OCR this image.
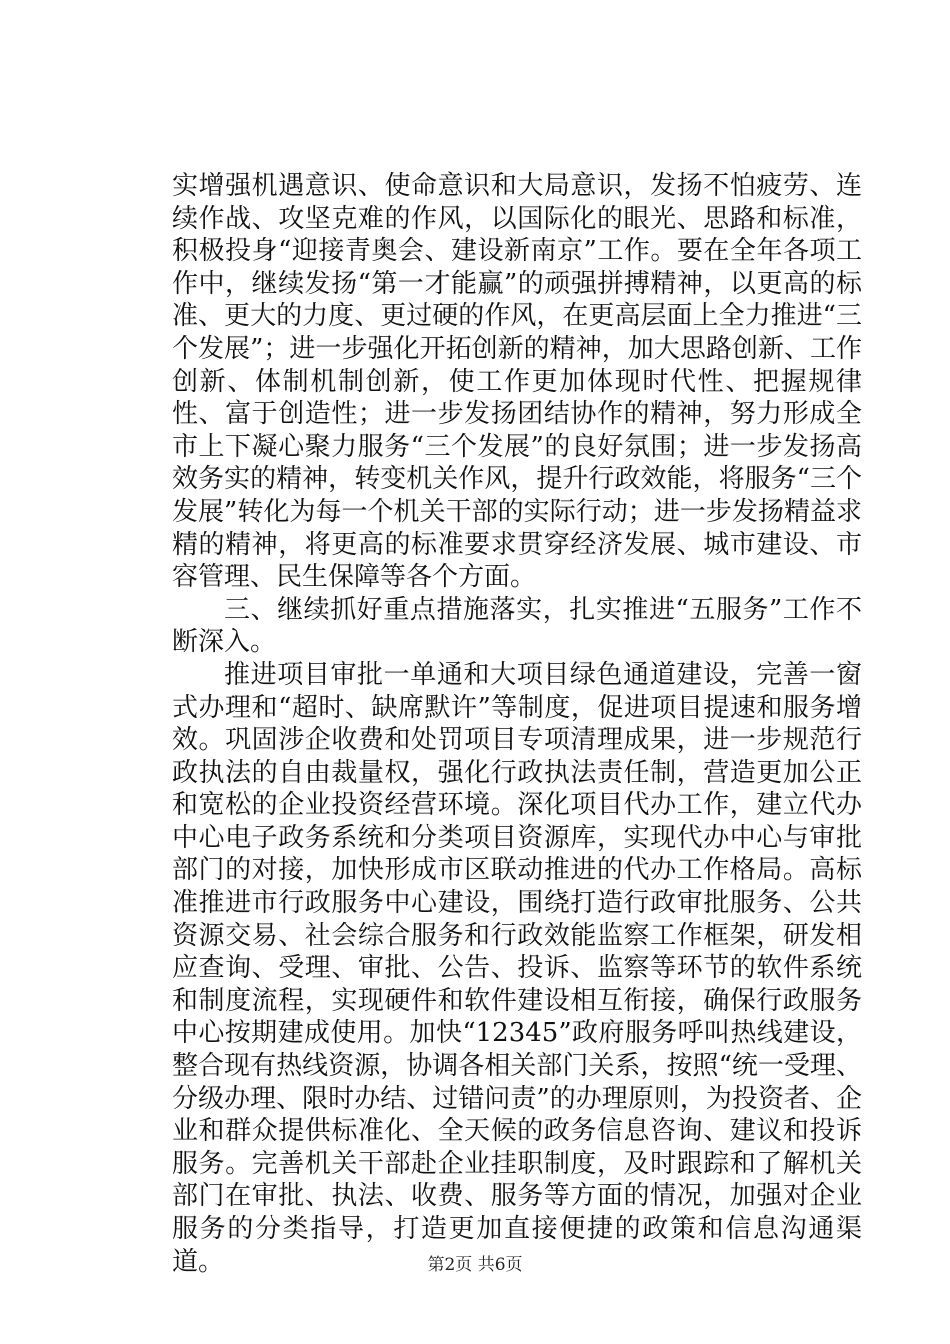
实增强机遇意识、使命意识和大局意识，发扬不怕疲劳、连续作战、攻坚克难的作风，以国际化的眼光、思路和标准，积极投身“迎接青奥会、建设新南京”工作。要在全年各项工作中，继续发扬“第一才能赢”的顽强拼搏精神，以更高的标准、更大的力度、更过硬的作风，在更高层面上全力推进“三个发展”；进一步强化开拓创新的精神，加大思路创新、工作创新、体制机制创新，使工作更加体现时代性、把握规律性、富于创造性；进一步发扬团结协作的精神，努力形成全市上下凝心聚力服务“三个发展”的良好氛围；进一步发扬高效务实的精神，转变机关作风，提升行政效能，将服务“三个发展”转化为每一个机关干部的实际行动；进一步发扬精益求精的精神，将更高的标准要求贯穿经济发展、城市建设、市容管理、民生保障等各个方面。

三、继续抓好重点措施落实，扎实推进“五服务”工作不断深入。

推进项目审批一单通和大项目绿色通道建设，完善一窗式办理和“超时、缺席默许”等制度，促进项目提速和服务增效。巩固涉企收费和处罚项目专项清理成果，进一步规范行政执法的自由裁量权，强化行政执法责任制，营造更加公正和宽松的企业投资经营环境。深化项目代办工作，建立代办中心电子政务系统和分类项目资源库，实现代办中心与审批部门的对接，加快形成市区联动推进的代办工作格局。高标准推进市行政服务中心建设，围绕打造行政审批服务、公共资源交易、社会综合服务和行政效能监察工作框架，研发相应查询、受理、审批、公告、投诉、监察等环节的软件系统和制度流程，实现硬件和软件建设相互衔接，确保行政服务中心按期建成使用。加快“12345”政府服务呼叫热线建设，整合现有热线资源，协调各相关部门关系，按照“统一受理、分级办理、限时办结、过错问责”的办理原则，为投资者、企业和群众提供标准化、全天候的政务信息咨询、建议和投诉服务。完善机关干部赴企业挂职制度，及时跟踪和了解机关部门在审批、执法、收费、服务等方面的情况，加强对企业服务的分类指导，打造更加直接便捷的政策和信息沟通渠道。	第2页 共6页
